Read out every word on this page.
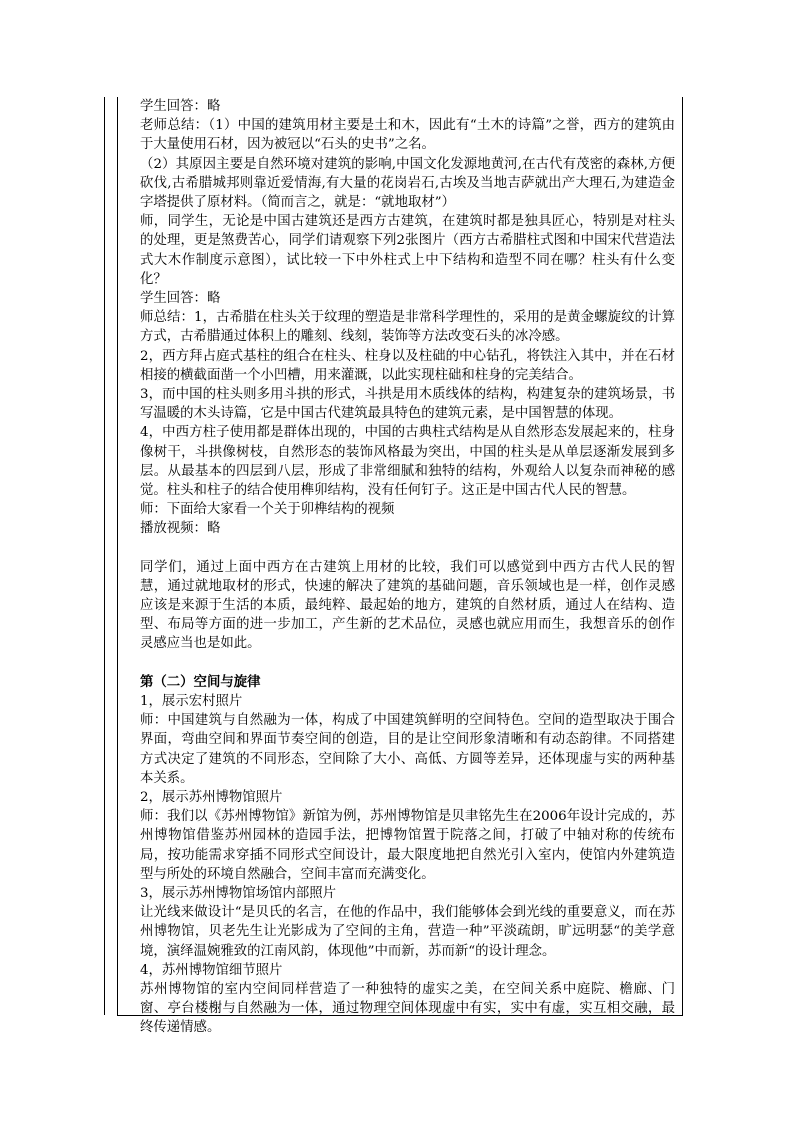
学生回答：略

老师总结：（1）中国的建筑用材主要是土和木，因此有“土木的诗篇”之誉，西方的建筑由于大量使用石材，因为被冠以“石头的史书”之名。

（2）其原因主要是自然环境对建筑的影响,中国文化发源地黄河,在古代有茂密的森林,方便砍伐,古希腊城邦则靠近爱情海,有大量的花岗岩石,古埃及当地吉萨就出产大理石,为建造金字塔提供了原材料。（简而言之，就是：“就地取材”）

师，同学生，无论是中国古建筑还是西方古建筑，在建筑时都是独具匠心，特别是对柱头的处理，更是煞费苦心，同学们请观察下列2张图片（西方古希腊柱式图和中国宋代营造法式大木作制度示意图），试比较一下中外柱式上中下结构和造型不同在哪？柱头有什么变化？

学生回答：略

师总结：1，古希腊在柱头关于纹理的塑造是非常科学理性的，采用的是黄金螺旋纹的计算方式，古希腊通过体积上的雕刻、线刻，装饰等方法改变石头的冰冷感。

2，西方拜占庭式基柱的组合在柱头、柱身以及柱础的中心钻孔，将铁注入其中，并在石材相接的横截面凿一个小凹槽，用来灌溉，以此实现柱础和柱身的完美结合。

3，而中国的柱头则多用斗拱的形式，斗拱是用木质线体的结构，构建复杂的建筑场景，书写温暖的木头诗篇，它是中国古代建筑最具特色的建筑元素，是中国智慧的体现。

4，中西方柱子使用都是群体出现的，中国的古典柱式结构是从自然形态发展起来的，柱身像树干，斗拱像树枝，自然形态的装饰风格最为突出，中国的柱头是从单层逐渐发展到多层。从最基本的四层到八层，形成了非常细腻和独特的结构，外观给人以复杂而神秘的感觉。柱头和柱子的结合使用榫卯结构，没有任何钉子。这正是中国古代人民的智慧。

师：下面给大家看一个关于卯榫结构的视频

播放视频：略

同学们，通过上面中西方在古建筑上用材的比较，我们可以感觉到中西方古代人民的智慧，通过就地取材的形式，快速的解决了建筑的基础问题，音乐领域也是一样，创作灵感应该是来源于生活的本质，最纯粹、最起始的地方，建筑的自然材质，通过人在结构、造型、布局等方面的进一步加工，产生新的艺术品位，灵感也就应用而生，我想音乐的创作灵感应当也是如此。

第（二）空间与旋律

1，展示宏村照片

师：中国建筑与自然融为一体，构成了中国建筑鲜明的空间特色。空间的造型取决于围合界面，弯曲空间和界面节奏空间的创造，目的是让空间形象清晰和有动态韵律。不同搭建方式决定了建筑的不同形态，空间除了大小、高低、方圆等差异，还体现虚与实的两种基本关系。

2，展示苏州博物馆照片

师：我们以《苏州博物馆》新馆为例，苏州博物馆是贝聿铭先生在2006年设计完成的，苏州博物馆借鉴苏州园林的造园手法，把博物馆置于院落之间，打破了中轴对称的传统布局，按功能需求穿插不同形式空间设计，最大限度地把自然光引入室内，使馆内外建筑造型与所处的环境自然融合，空间丰富而充满变化。

3，展示苏州博物馆场馆内部照片

让光线来做设计“是贝氏的名言，在他的作品中，我们能够体会到光线的重要意义，而在苏州博物馆，贝老先生让光影成为了空间的主角，营造一种”平淡疏朗，旷远明瑟“的美学意境，演绎温婉雅致的江南风韵，体现他”中而新，苏而新“的设计理念。

4，苏州博物馆细节照片

苏州博物馆的室内空间同样营造了一种独特的虚实之美，在空间关系中庭院、檐廊、门窗、亭台楼榭与自然融为一体，通过物理空间体现虚中有实，实中有虚，实互相交融，最终传递情感。
